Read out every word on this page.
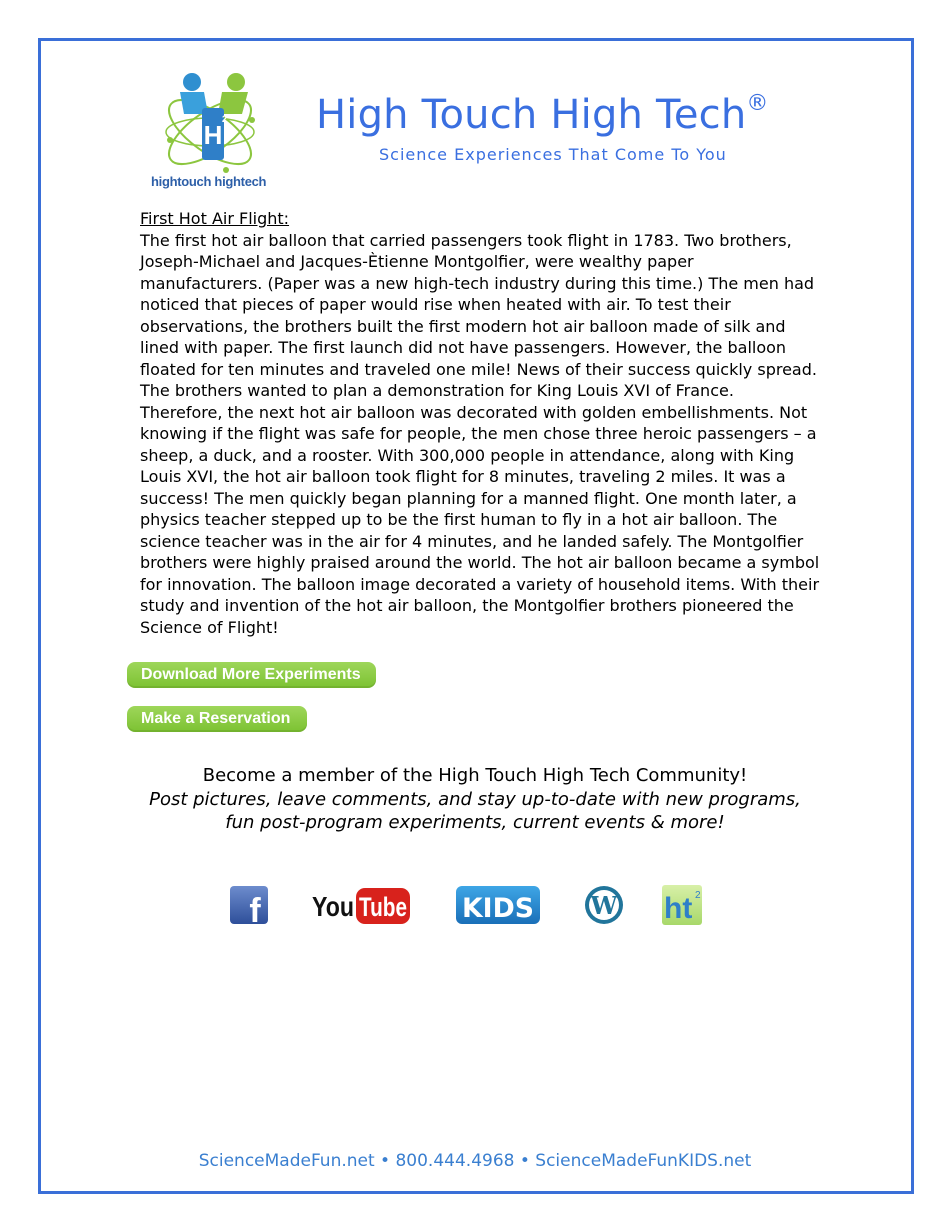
H
2
hightouch hightech
High Touch High Tech®
Science Experiences That Come To You
First Hot Air Flight:

The first hot air balloon that carried passengers took flight in 1783. Two brothers, Joseph-Michael and Jacques-Ètienne Montgolfier, were wealthy paper manufacturers. (Paper was a new high-tech industry during this time.) The men had noticed that pieces of paper would rise when heated with air. To test their observations, the brothers built the first modern hot air balloon made of silk and lined with paper. The first launch did not have passengers. However, the balloon floated for ten minutes and traveled one mile! News of their success quickly spread. The brothers wanted to plan a demonstration for King Louis XVI of France. Therefore, the next hot air balloon was decorated with golden embellishments. Not knowing if the flight was safe for people, the men chose three heroic passengers – a sheep, a duck, and a rooster. With 300,000 people in attendance, along with King Louis XVI, the hot air balloon took flight for 8 minutes, traveling 2 miles. It was a success! The men quickly began planning for a manned flight. One month later, a physics teacher stepped up to be the first human to fly in a hot air balloon. The science teacher was in the air for 4 minutes, and he landed safely. The Montgolfier brothers were highly praised around the world. The hot air balloon became a symbol for innovation. The balloon image decorated a variety of household items. With their study and invention of the hot air balloon, the Montgolfier brothers pioneered the Science of Flight!

Download More Experiments
Make a Reservation
Become a member of the High Touch High Tech Community!
Post pictures, leave comments, and stay up-to-date with new programs,
fun post-program experiments, current events & more!
f You Tube KIDS W ht 2
ScienceMadeFun.net • 800.444.4968 • ScienceMadeFunKIDS.net
